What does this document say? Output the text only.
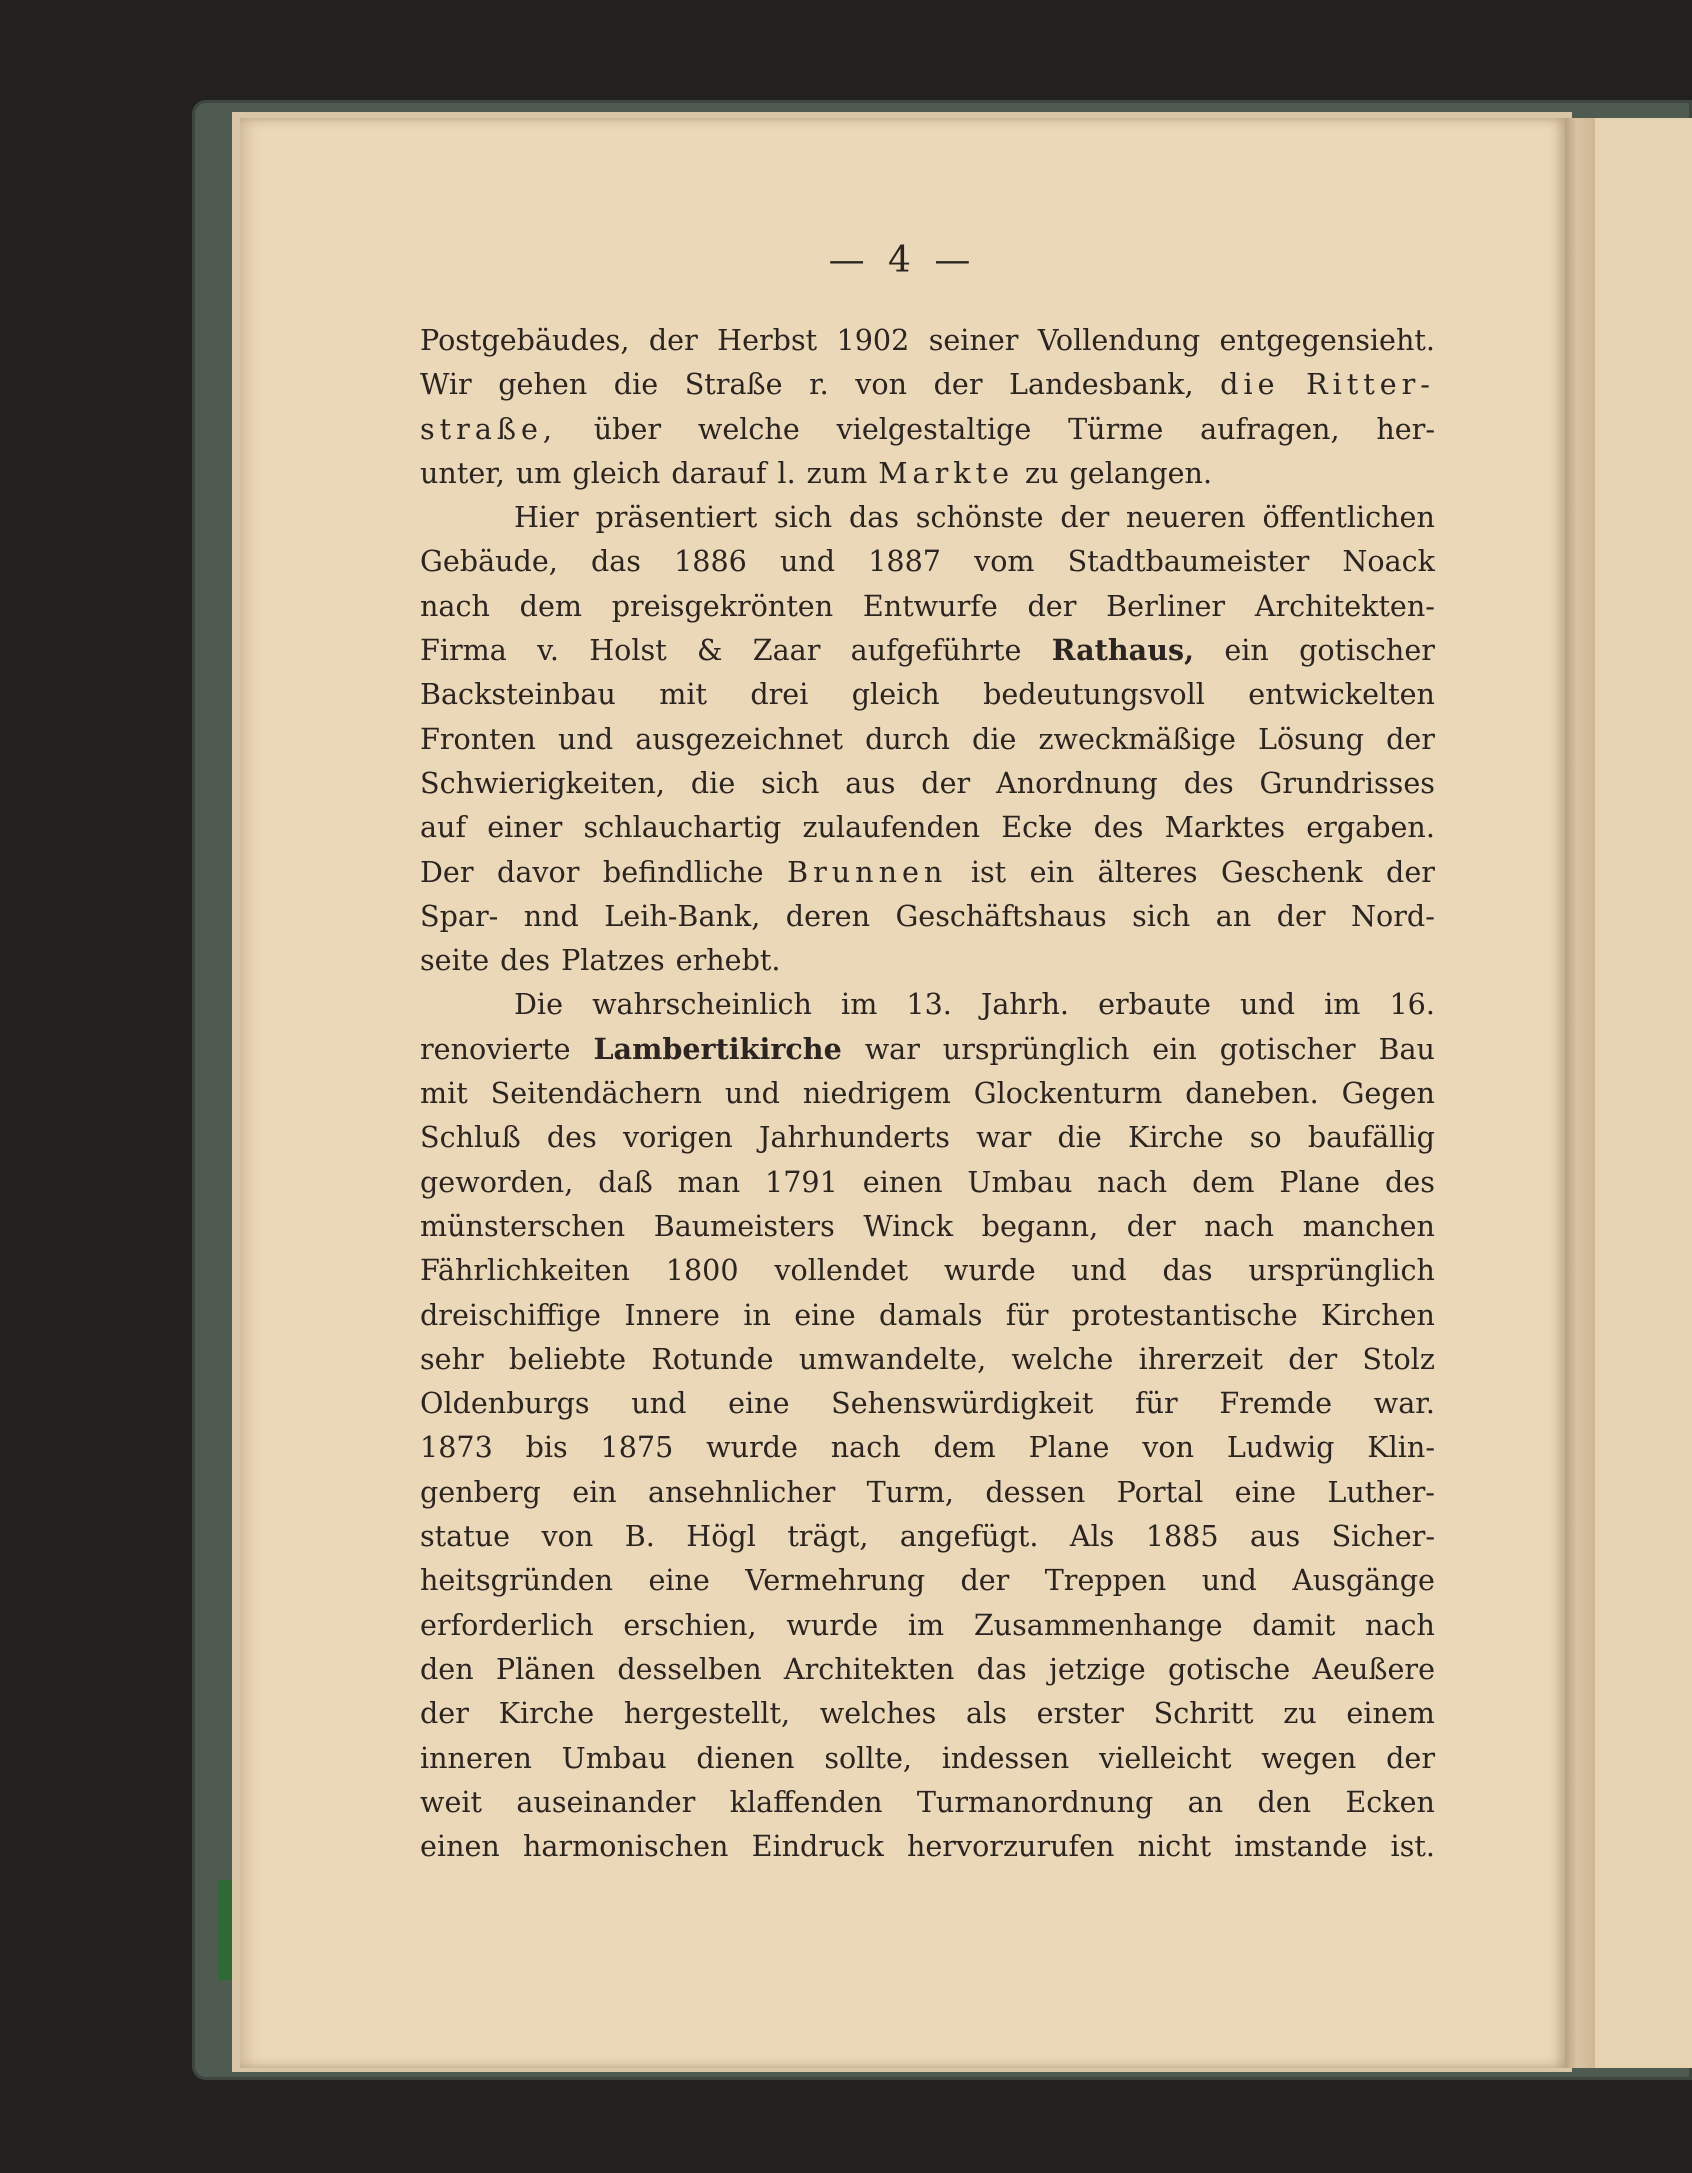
— 4 —
Postgebäudes, der Herbst 1902 seiner Vollendung entgegensieht.
Wir gehen die Straße r. von der Landesbank, die Ritter-
straße, über welche vielgestaltige Türme aufragen, her-
unter, um gleich darauf l. zum Markte zu gelangen.
Hier präsentiert sich das schönste der neueren öffentlichen
Gebäude, das 1886 und 1887 vom Stadtbaumeister Noack
nach dem preisgekrönten Entwurfe der Berliner Architekten-
Firma v. Holst & Zaar aufgeführte Rathaus, ein gotischer
Backsteinbau mit drei gleich bedeutungsvoll entwickelten
Fronten und ausgezeichnet durch die zweckmäßige Lösung der
Schwierigkeiten, die sich aus der Anordnung des Grundrisses
auf einer schlauchartig zulaufenden Ecke des Marktes ergaben.
Der davor befindliche Brunnen ist ein älteres Geschenk der
Spar- nnd Leih-Bank, deren Geschäftshaus sich an der Nord-
seite des Platzes erhebt.
Die wahrscheinlich im 13. Jahrh. erbaute und im 16.
renovierte Lambertikirche war ursprünglich ein gotischer Bau
mit Seitendächern und niedrigem Glockenturm daneben. Gegen
Schluß des vorigen Jahrhunderts war die Kirche so baufällig
geworden, daß man 1791 einen Umbau nach dem Plane des
münsterschen Baumeisters Winck begann, der nach manchen
Fährlichkeiten 1800 vollendet wurde und das ursprünglich
dreischiffige Innere in eine damals für protestantische Kirchen
sehr beliebte Rotunde umwandelte, welche ihrerzeit der Stolz
Oldenburgs und eine Sehenswürdigkeit für Fremde war.
1873 bis 1875 wurde nach dem Plane von Ludwig Klin-
genberg ein ansehnlicher Turm, dessen Portal eine Luther-
statue von B. Högl trägt, angefügt. Als 1885 aus Sicher-
heitsgründen eine Vermehrung der Treppen und Ausgänge
erforderlich erschien, wurde im Zusammenhange damit nach
den Plänen desselben Architekten das jetzige gotische Aeußere
der Kirche hergestellt, welches als erster Schritt zu einem
inneren Umbau dienen sollte, indessen vielleicht wegen der
weit auseinander klaffenden Turmanordnung an den Ecken
einen harmonischen Eindruck hervorzurufen nicht imstande ist.
